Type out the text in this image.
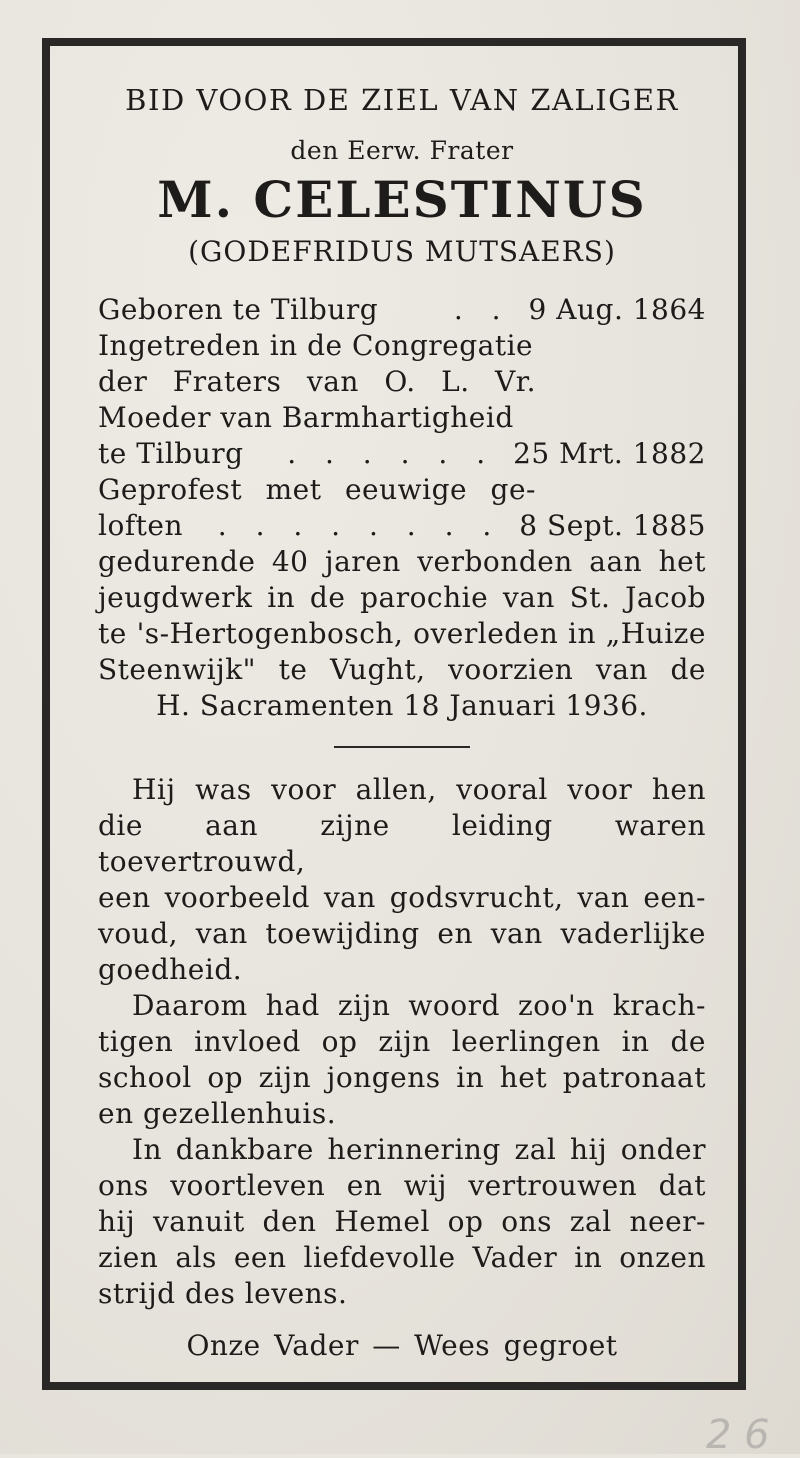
BID VOOR DE ZIEL VAN ZALIGER
den Eerw. Frater
M. CELESTINUS
(GODEFRIDUS MUTSAERS)
Geboren te Tilburg	. . 9 Aug. 1864
Ingetreden in de Congregatie
der Fraters van O. L. Vr.
Moeder van Barmhartigheid
te Tilburg	. . . . . . 25 Mrt. 1882
Geprofest met eeuwige ge-
loften	. . . . . . . . 8 Sept. 1885
gedurende 40 jaren verbonden aan het
jeugdwerk in de parochie van St. Jacob
te 's-Hertogenbosch, overleden in „Huize
Steenwijk" te Vught, voorzien van de
H. Sacramenten 18 Januari 1936.
Hij was voor allen, vooral voor hen
die aan zijne leiding waren toevertrouwd,
een voorbeeld van godsvrucht, van een-
voud, van toewijding en van vaderlijke
goedheid.
Daarom had zijn woord zoo'n krach-
tigen invloed op zijn leerlingen in de
school op zijn jongens in het patronaat
en gezellenhuis.
In dankbare herinnering zal hij onder
ons voortleven en wij vertrouwen dat
hij vanuit den Hemel op ons zal neer-
zien als een liefdevolle Vader in onzen
strijd des levens.
Onze Vader — Wees gegroet
2 6
